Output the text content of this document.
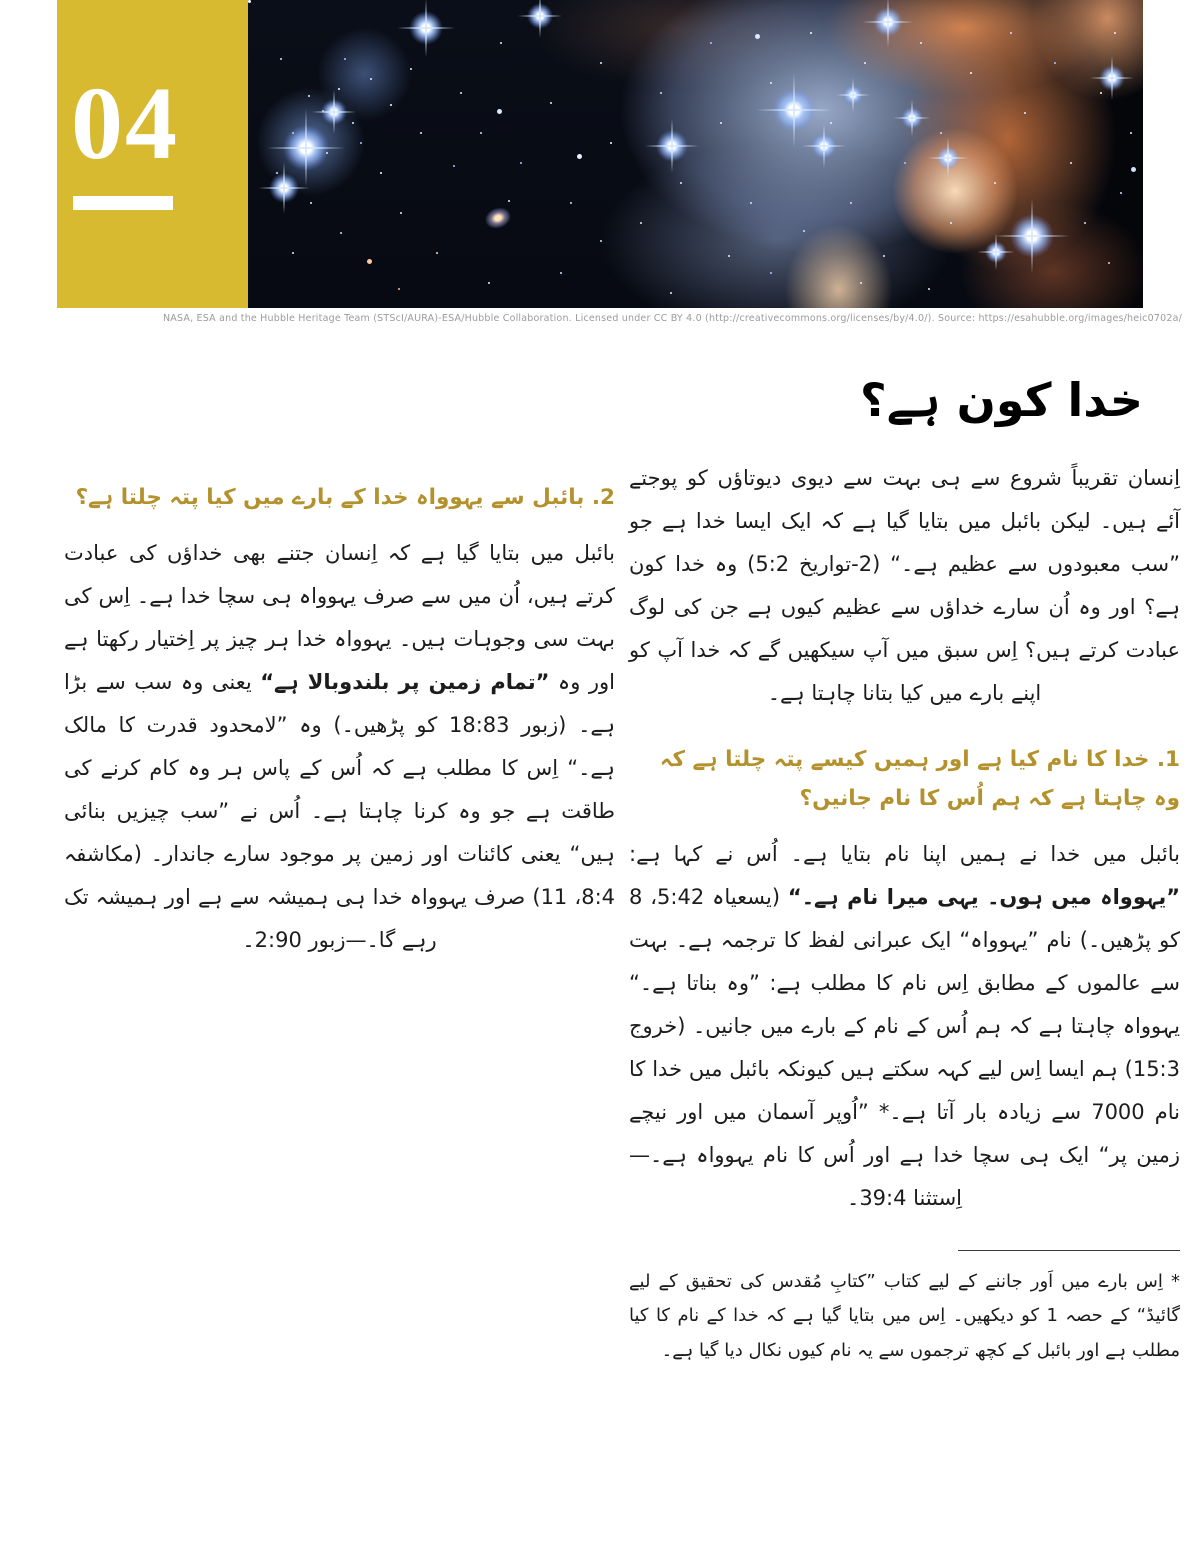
04
NASA, ESA and the Hubble Heritage Team (STScI/AURA)-ESA/Hubble Collaboration. Licensed under CC BY 4.0 (http://creativecommons.org/licenses/by/4.0/). Source: https://esahubble.org/images/heic0702a/
خدا کون ہے؟

اِنسان تقریباً شروع سے ہی بہت سے دیوی دیوتاؤں کو پوجتے آئے ہیں۔ لیکن بائبل میں بتایا گیا ہے کہ ایک ایسا خدا ہے جو ”سب معبودوں سے عظیم ہے۔“ (2-تواریخ 5:2) وہ خدا کون ہے؟ اور وہ اُن سارے خداؤں سے عظیم کیوں ہے جن کی لوگ عبادت کرتے ہیں؟ اِس سبق میں آپ سیکھیں گے کہ خدا آپ کو اپنے بارے میں کیا بتانا چاہتا ہے۔

1. خدا کا نام کیا ہے اور ہمیں کیسے پتہ چلتا ہے کہ وہ چاہتا ہے کہ ہم اُس کا نام جانیں؟

بائبل میں خدا نے ہمیں اپنا نام بتایا ہے۔ اُس نے کہا ہے: ”یہوواہ میں ہوں۔ یہی میرا نام ہے۔“ (یسعیاہ 5:42، 8 کو پڑھیں۔) نام ”یہوواہ“ ایک عبرانی لفظ کا ترجمہ ہے۔ بہت سے عالموں کے مطابق اِس نام کا مطلب ہے: ”وہ بناتا ہے۔“ یہوواہ چاہتا ہے کہ ہم اُس کے نام کے بارے میں جانیں۔ (خروج 15:3) ہم ایسا اِس لیے کہہ سکتے ہیں کیونکہ بائبل میں خدا کا نام 7000 سے زیادہ بار آتا ہے۔* ”اُوپر آسمان میں اور نیچے زمین پر“ ایک ہی سچا خدا ہے اور اُس کا نام یہوواہ ہے۔—اِستثنا 39:4۔

* اِس بارے میں اَور جاننے کے لیے کتاب ”کتابِ مُقدس کی تحقیق کے لیے گائیڈ“ کے حصہ 1 کو دیکھیں۔ اِس میں بتایا گیا ہے کہ خدا کے نام کا کیا مطلب ہے اور بائبل کے کچھ ترجموں سے یہ نام کیوں نکال دیا گیا ہے۔

2. بائبل سے یہوواہ خدا کے بارے میں کیا پتہ چلتا ہے؟

بائبل میں بتایا گیا ہے کہ اِنسان جتنے بھی خداؤں کی عبادت کرتے ہیں، اُن میں سے صرف یہوواہ ہی سچا خدا ہے۔ اِس کی بہت سی وجوہات ہیں۔ یہوواہ خدا ہر چیز پر اِختیار رکھتا ہے اور وہ ”تمام زمین پر بلندوبالا ہے“ یعنی وہ سب سے بڑا ہے۔ (زبور 18:83 کو پڑھیں۔) وہ ”لامحدود قدرت کا مالک ہے۔“ اِس کا مطلب ہے کہ اُس کے پاس ہر وہ کام کرنے کی طاقت ہے جو وہ کرنا چاہتا ہے۔ اُس نے ”سب چیزیں بنائی ہیں“ یعنی کائنات اور زمین پر موجود سارے جاندار۔ (مکاشفہ 8:4، 11) صرف یہوواہ خدا ہی ہمیشہ سے ہے اور ہمیشہ تک رہے گا۔—زبور 2:90۔
